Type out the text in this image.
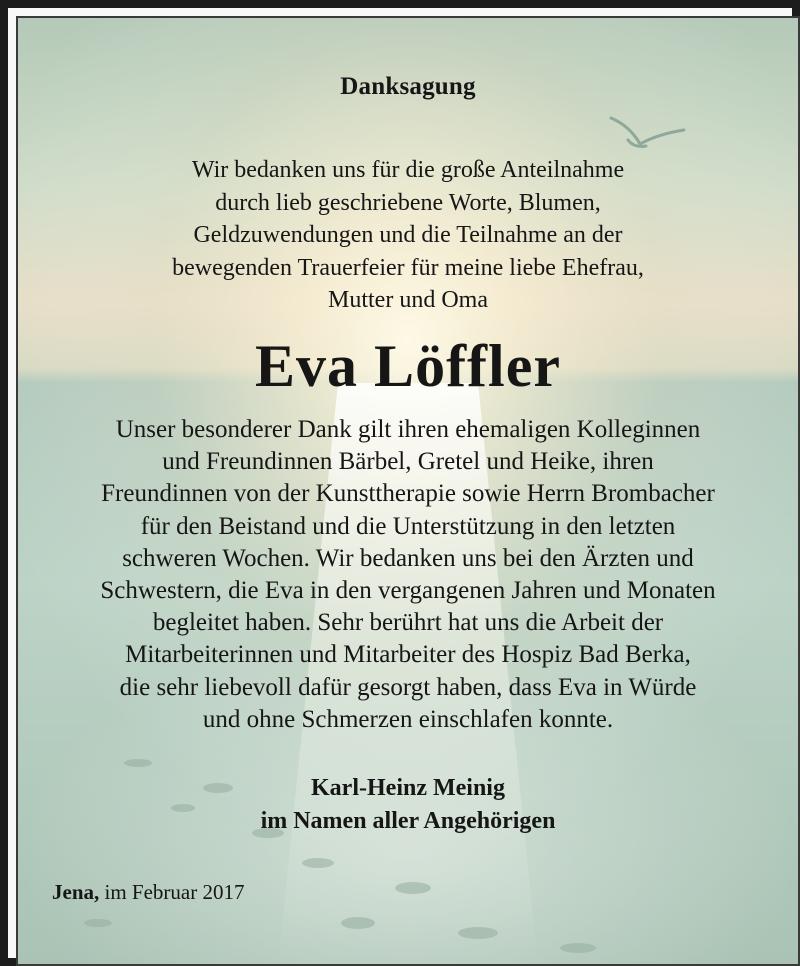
Danksagung
Wir bedanken uns für die große Anteilnahme
durch lieb geschriebene Worte, Blumen,
Geldzuwendungen und die Teilnahme an der
bewegenden Trauerfeier für meine liebe Ehefrau,
Mutter und Oma
Eva Löffler
Unser besonderer Dank gilt ihren ehemaligen Kolleginnen
und Freundinnen Bärbel, Gretel und Heike, ihren
Freundinnen von der Kunsttherapie sowie Herrn Brombacher
für den Beistand und die Unterstützung in den letzten
schweren Wochen. Wir bedanken uns bei den Ärzten und
Schwestern, die Eva in den vergangenen Jahren und Monaten
begleitet haben. Sehr berührt hat uns die Arbeit der
Mitarbeiterinnen und Mitarbeiter des Hospiz Bad Berka,
die sehr liebevoll dafür gesorgt haben, dass Eva in Würde
und ohne Schmerzen einschlafen konnte.
Karl-Heinz Meinig
im Namen aller Angehörigen
Jena, im Februar 2017
